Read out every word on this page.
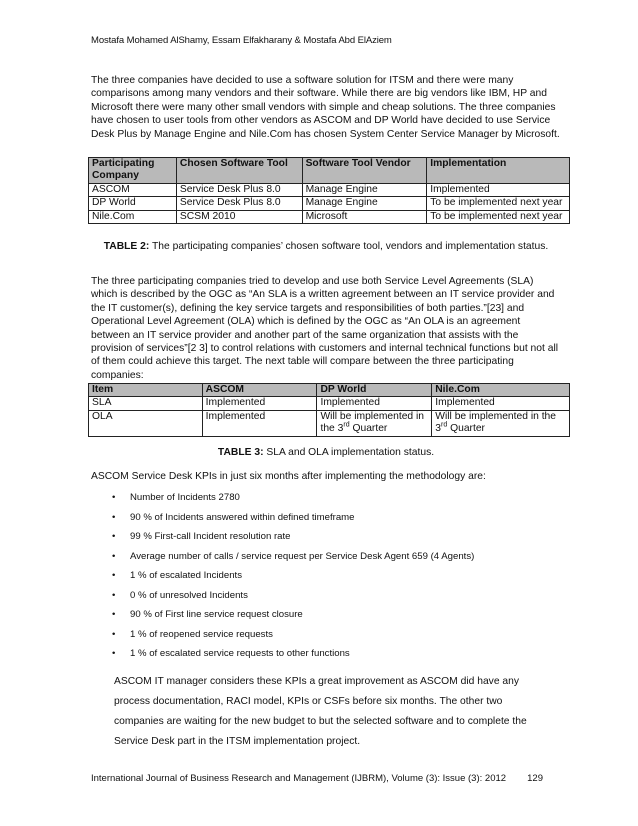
Mostafa Mohamed AlShamy, Essam Elfakharany & Mostafa Abd ElAziem

The three companies have decided to use a software solution for ITSM and there were many comparisons among many vendors and their software. While there are big vendors like IBM, HP and Microsoft there were many other small vendors with simple and cheap solutions. The three companies have chosen to user tools from other vendors as ASCOM and DP World have decided to use Service Desk Plus by Manage Engine and Nile.Com has chosen System Center Service Manager by Microsoft.

Participating Company	Chosen Software Tool	Software Tool Vendor	Implementation
ASCOM	Service Desk Plus 8.0	Manage Engine	Implemented
DP World	Service Desk Plus 8.0	Manage Engine	To be implemented next year
Nile.Com	SCSM 2010	Microsoft	To be implemented next year
TABLE 2: The participating companies’ chosen software tool, vendors and implementation status.

The three participating companies tried to develop and use both Service Level Agreements (SLA) which is described by the OGC as “An SLA is a written agreement between an IT service provider and the IT customer(s), defining the key service targets and responsibilities of both parties.”[23] and Operational Level Agreement (OLA) which is defined by the OGC as “An OLA is an agreement between an IT service provider and another part of the same organization that assists with the provision of services”[2 3] to control relations with customers and internal technical functions but not all of them could achieve this target. The next table will compare between the three participating companies:

Item	ASCOM	DP World	Nile.Com
SLA	Implemented	Implemented	Implemented
OLA	Implemented	Will be implemented in the 3rd Quarter	Will be implemented in the 3rd Quarter
TABLE 3: SLA and OLA implementation status.
ASCOM Service Desk KPIs in just six months after implementing the methodology are:
• Number of Incidents 2780
• 90 % of Incidents answered within defined timeframe
• 99 % First-call Incident resolution rate
• Average number of calls / service request per Service Desk Agent 659 (4 Agents)
• 1 % of escalated Incidents
• 0 % of unresolved Incidents
• 90 % of First line service request closure
• 1 % of reopened service requests
• 1 % of escalated service requests to other functions

ASCOM IT manager considers these KPIs a great improvement as ASCOM did have any process documentation, RACI model, KPIs or CSFs before six months. The other two companies are waiting for the new budget to but the selected software and to complete the Service Desk part in the ITSM implementation project.

International Journal of Business Research and Management (IJBRM), Volume (3): Issue (3): 2012 129
